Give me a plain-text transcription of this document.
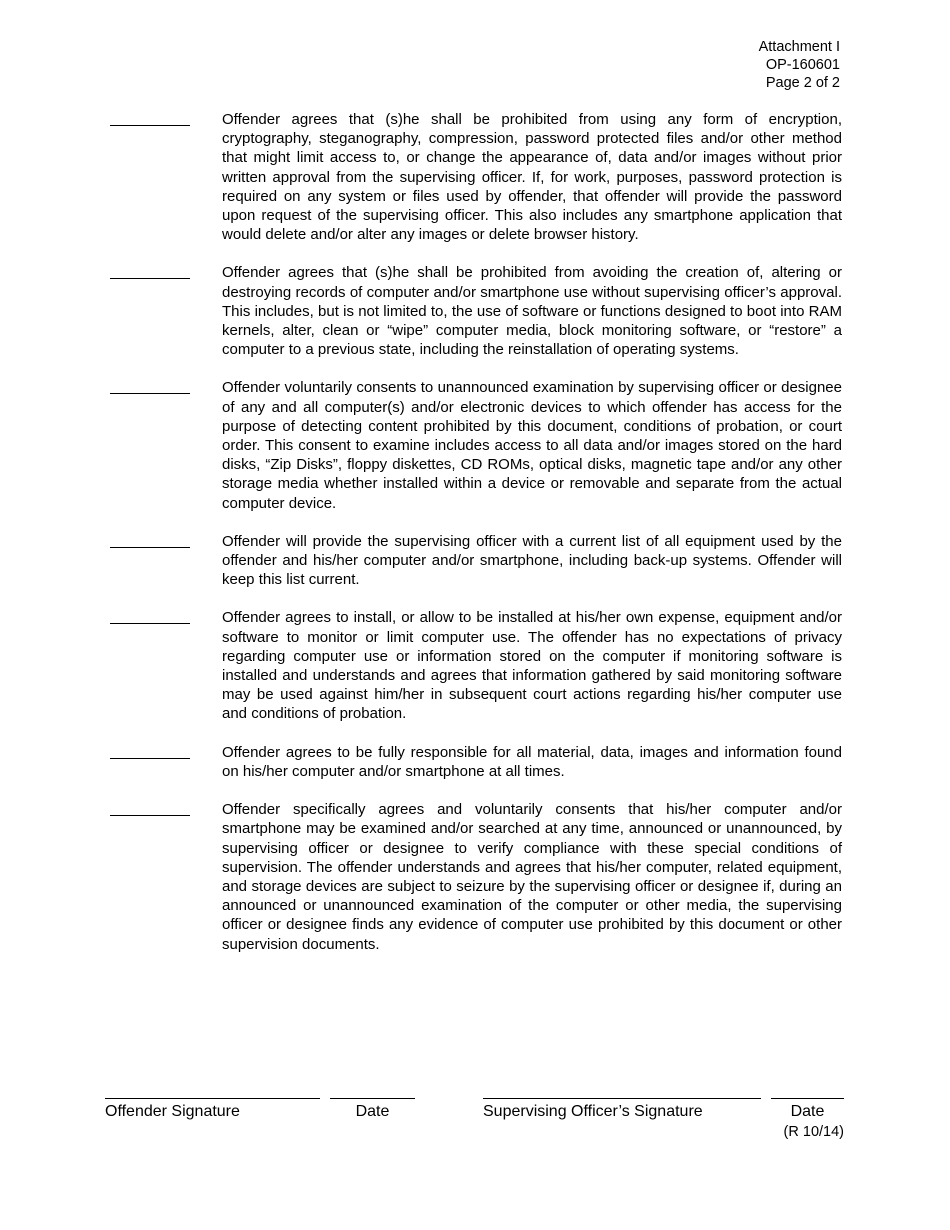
Attachment I
OP-160601
Page 2 of 2
Offender agrees that (s)he shall be prohibited from using any form of encryption, cryptography, steganography, compression, password protected files and/or other method that might limit access to, or change the appearance of, data and/or images without prior written approval from the supervising officer. If, for work, purposes, password protection is required on any system or files used by offender, that offender will provide the password upon request of the supervising officer. This also includes any smartphone application that would delete and/or alter any images or delete browser history.
Offender agrees that (s)he shall be prohibited from avoiding the creation of, altering or destroying records of computer and/or smartphone use without supervising officer’s approval. This includes, but is not limited to, the use of software or functions designed to boot into RAM kernels, alter, clean or “wipe” computer media, block monitoring software, or “restore” a computer to a previous state, including the reinstallation of operating systems.
Offender voluntarily consents to unannounced examination by supervising officer or designee of any and all computer(s) and/or electronic devices to which offender has access for the purpose of detecting content prohibited by this document, conditions of probation, or court order. This consent to examine includes access to all data and/or images stored on the hard disks, “Zip Disks”, floppy diskettes, CD ROMs, optical disks, magnetic tape and/or any other storage media whether installed within a device or removable and separate from the actual computer device.
Offender will provide the supervising officer with a current list of all equipment used by the offender and his/her computer and/or smartphone, including back-up systems. Offender will keep this list current.
Offender agrees to install, or allow to be installed at his/her own expense, equipment and/or software to monitor or limit computer use. The offender has no expectations of privacy regarding computer use or information stored on the computer if monitoring software is installed and understands and agrees that information gathered by said monitoring software may be used against him/her in subsequent court actions regarding his/her computer use and conditions of probation.
Offender agrees to be fully responsible for all material, data, images and information found on his/her computer and/or smartphone at all times.
Offender specifically agrees and voluntarily consents that his/her computer and/or smartphone may be examined and/or searched at any time, announced or unannounced, by supervising officer or designee to verify compliance with these special conditions of supervision. The offender understands and agrees that his/her computer, related equipment, and storage devices are subject to seizure by the supervising officer or designee if, during an announced or unannounced examination of the computer or other media, the supervising officer or designee finds any evidence of computer use prohibited by this document or other supervision documents.
Offender Signature	Date	Supervising Officer’s Signature	Date
(R 10/14)
